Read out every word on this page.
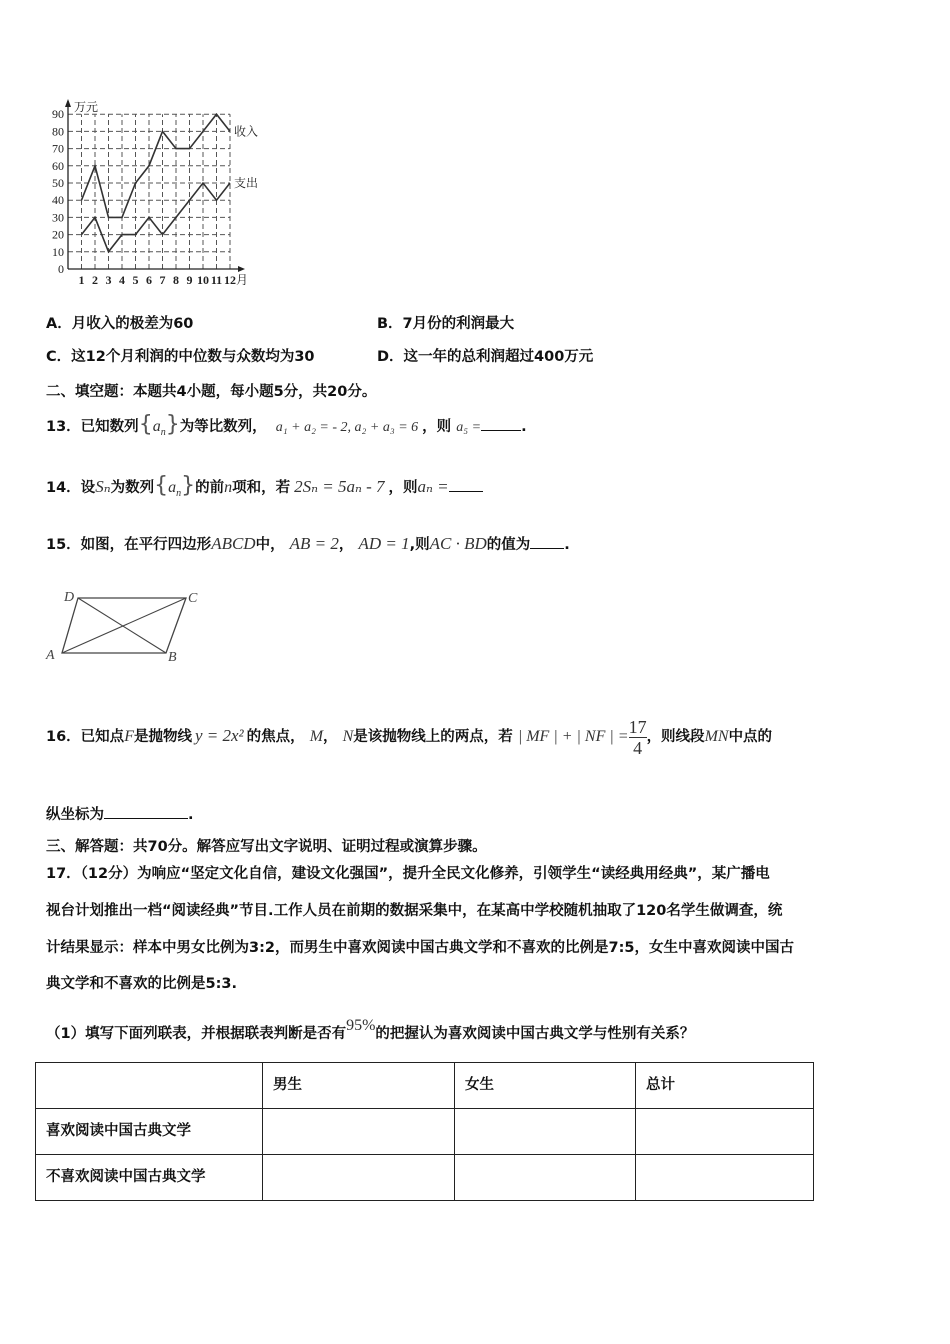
0
10
20
30
40
50
60
70
80
90
1 2 3 4 5 6 7 8 9 10 11 12
万元
月
收入
支出
A．月收入的极差为60	B．7月份的利润最大
C．这12个月利润的中位数与众数均为30	D．这一年的总利润超过400万元
二、填空题：本题共4小题，每小题5分，共20分。
13．已知数列$\{a_n\}$为等比数列， a₁ + a₂ = - 2, a₂ + a₃ = 6 ，则 a₅ =	.
14．设Sₙ为数列$\{a_n\}$的前n项和，若 2Sₙ = 5aₙ - 7 ，则aₙ =
15．如图，在平行四边形ABCD中， AB = 2， AD = 1,则AC · BD的值为 .
D	C
A	B
16．已知点F是抛物线 y = 2x² 的焦点， M， N是该抛物线上的两点，若 | MF | + | NF | = $\frac{17}{4}$ ，则线段MN中点的
纵坐标为	.
三、解答题：共70分。解答应写出文字说明、证明过程或演算步骤。
17．（12分）为响应“坚定文化自信，建设文化强国”，提升全民文化修养，引领学生“读经典用经典”，某广播电
视台计划推出一档“阅读经典”节目.工作人员在前期的数据采集中，在某高中学校随机抽取了120名学生做调查，统
计结果显示：样本中男女比例为3:2，而男生中喜欢阅读中国古典文学和不喜欢的比例是7:5，女生中喜欢阅读中国古
典文学和不喜欢的比例是5:3.
（1）填写下面列联表，并根据联表判断是否有95%的把握认为喜欢阅读中国古典文学与性别有关系？
	男生	女生	总计
喜欢阅读中国古典文学			
不喜欢阅读中国古典文学			
